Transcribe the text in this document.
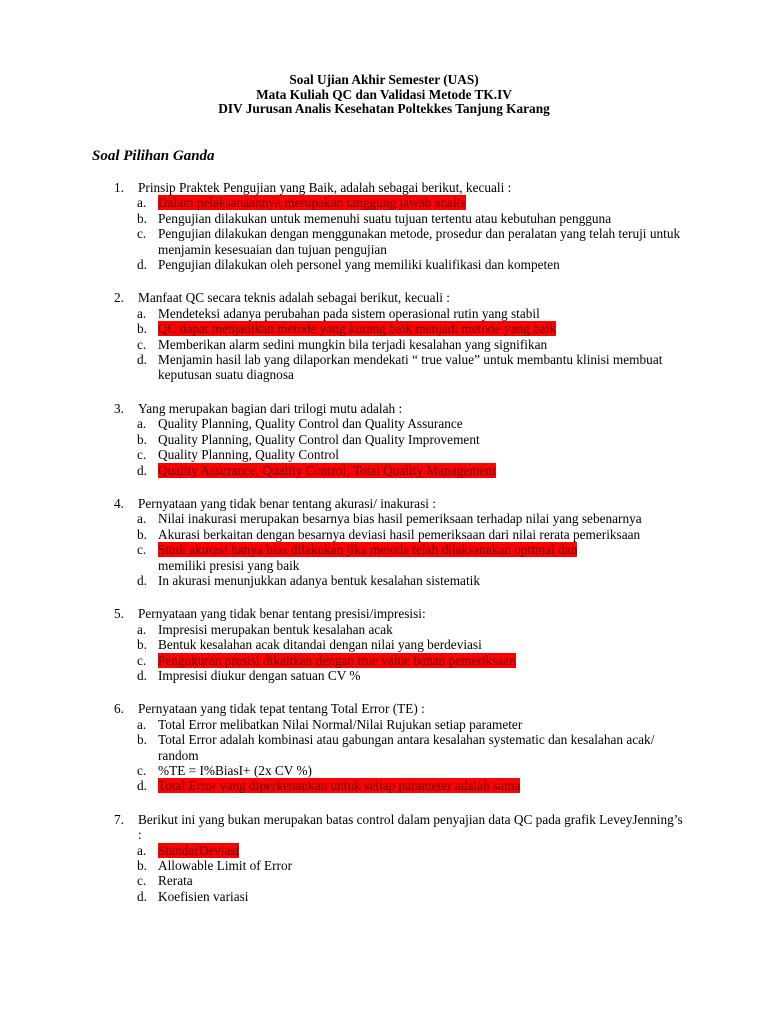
Soal Ujian Akhir Semester (UAS)
Mata Kuliah QC dan Validasi Metode TK.IV
DIV Jurusan Analis Kesehatan Poltekkes Tanjung Karang
Soal Pilihan Ganda
1. Prinsip Praktek Pengujian yang Baik, adalah sebagai berikut, kecuali :
a. Dalam pelaksanaannya merupakan tanggung jawab analis
b. Pengujian dilakukan untuk memenuhi suatu tujuan tertentu atau kebutuhan pengguna
c. Pengujian dilakukan dengan menggunakan metode, prosedur dan peralatan yang telah teruji untuk menjamin kesesuaian dan tujuan pengujian
d. Pengujian dilakukan oleh personel yang memiliki kualifikasi dan kompeten
2. Manfaat QC secara teknis adalah sebagai berikut, kecuali :
a. Mendeteksi adanya perubahan pada sistem operasional rutin yang stabil
b. QC dapat menjadikan metode yang kurang baik menjadi metode yang baik
c. Memberikan alarm sedini mungkin bila terjadi kesalahan yang signifikan
d. Menjamin hasil lab yang dilaporkan mendekati “ true value” untuk membantu klinisi membuat keputusan suatu diagnosa
3. Yang merupakan bagian dari trilogi mutu adalah :
a. Quality Planning, Quality Control dan Quality Assurance
b. Quality Planning, Quality Control dan Quality Improvement
c. Quality Planning, Quality Control
d. Quality Assurance, Quality Control, Total Quality Management
4. Pernyataan yang tidak benar tentang akurasi/ inakurasi :
a. Nilai inakurasi merupakan besarnya bias hasil pemeriksaan terhadap nilai yang sebenarnya
b. Akurasi berkaitan dengan besarnya deviasi hasil pemeriksaan dari nilai rerata pemeriksaan
c. Studi akurasi hanya bias dilakukan jika metoda telah dilaksanakan optimal dan
memiliki presisi yang baik
d. In akurasi menunjukkan adanya bentuk kesalahan sistematik
5. Pernyataan yang tidak benar tentang presisi/impresisi:
a. Impresisi merupakan bentuk kesalahan acak
b. Bentuk kesalahan acak ditandai dengan nilai yang berdeviasi
c. Pengukuran presisi dikaitkan dengan true value bahan pemeriksaan
d. Impresisi diukur dengan satuan CV %
6. Pernyataan yang tidak tepat tentang Total Error (TE) :
a. Total Error melibatkan Nilai Normal/Nilai Rujukan setiap parameter
b. Total Error adalah kombinasi atau gabungan antara kesalahan systematic dan kesalahan acak/ random
c. %TE = I%BiasI+ (2x CV %)
d. Total Error yang diperkenankan untuk setiap parameter adalah sama
7. Berikut ini yang bukan merupakan batas control dalam penyajian data QC pada grafik LeveyJenning’s :
a. StandarDeviasi
b. Allowable Limit of Error
c. Rerata
d. Koefisien variasi
